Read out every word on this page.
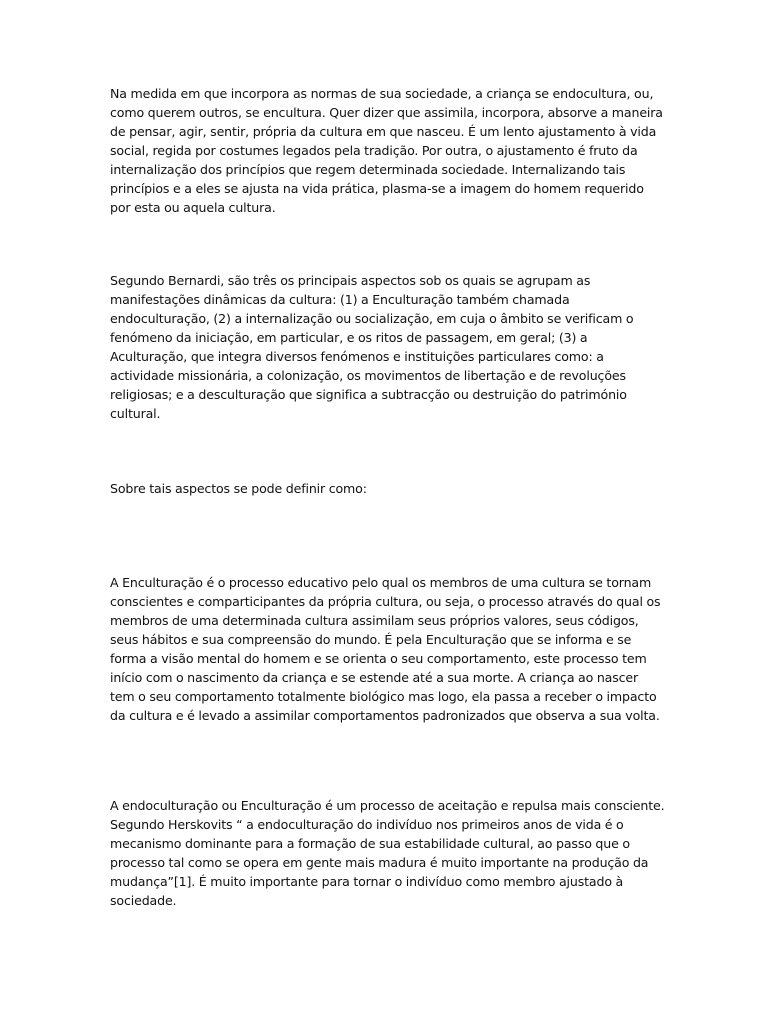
Na medida em que incorpora as normas de sua sociedade, a criança se endocultura, ou, como querem outros, se encultura. Quer dizer que assimila, incorpora, absorve a maneira de pensar, agir, sentir, própria da cultura em que nasceu. É um lento ajustamento à vida social, regida por costumes legados pela tradição. Por outra, o ajustamento é fruto da internalização dos princípios que regem determinada sociedade. Internalizando tais princípios e a eles se ajusta na vida prática, plasma-se a imagem do homem requerido por esta ou aquela cultura.

Segundo Bernardi, são três os principais aspectos sob os quais se agrupam as manifestações dinâmicas da cultura: (1) a Enculturação também chamada endoculturação, (2) a internalização ou socialização, em cuja o âmbito se verificam o fenómeno da iniciação, em particular, e os ritos de passagem, em geral; (3) a Aculturação, que integra diversos fenómenos e instituições particulares como: a actividade missionária, a colonização, os movimentos de libertação e de revoluções religiosas; e a desculturação que significa a subtracção ou destruição do património cultural.

Sobre tais aspectos se pode definir como:

A Enculturação é o processo educativo pelo qual os membros de uma cultura se tornam conscientes e comparticipantes da própria cultura, ou seja, o processo através do qual os membros de uma determinada cultura assimilam seus próprios valores, seus códigos, seus hábitos e sua compreensão do mundo. É pela Enculturação que se informa e se forma a visão mental do homem e se orienta o seu comportamento, este processo tem início com o nascimento da criança e se estende até a sua morte. A criança ao nascer tem o seu comportamento totalmente biológico mas logo, ela passa a receber o impacto da cultura e é levado a assimilar comportamentos padronizados que observa a sua volta.

A endoculturação ou Enculturação é um processo de aceitação e repulsa mais consciente. Segundo Herskovits “ a endoculturação do indivíduo nos primeiros anos de vida é o mecanismo dominante para a formação de sua estabilidade cultural, ao passo que o processo tal como se opera em gente mais madura é muito importante na produção da mudança”[1]. É muito importante para tornar o indivíduo como membro ajustado à sociedade.
